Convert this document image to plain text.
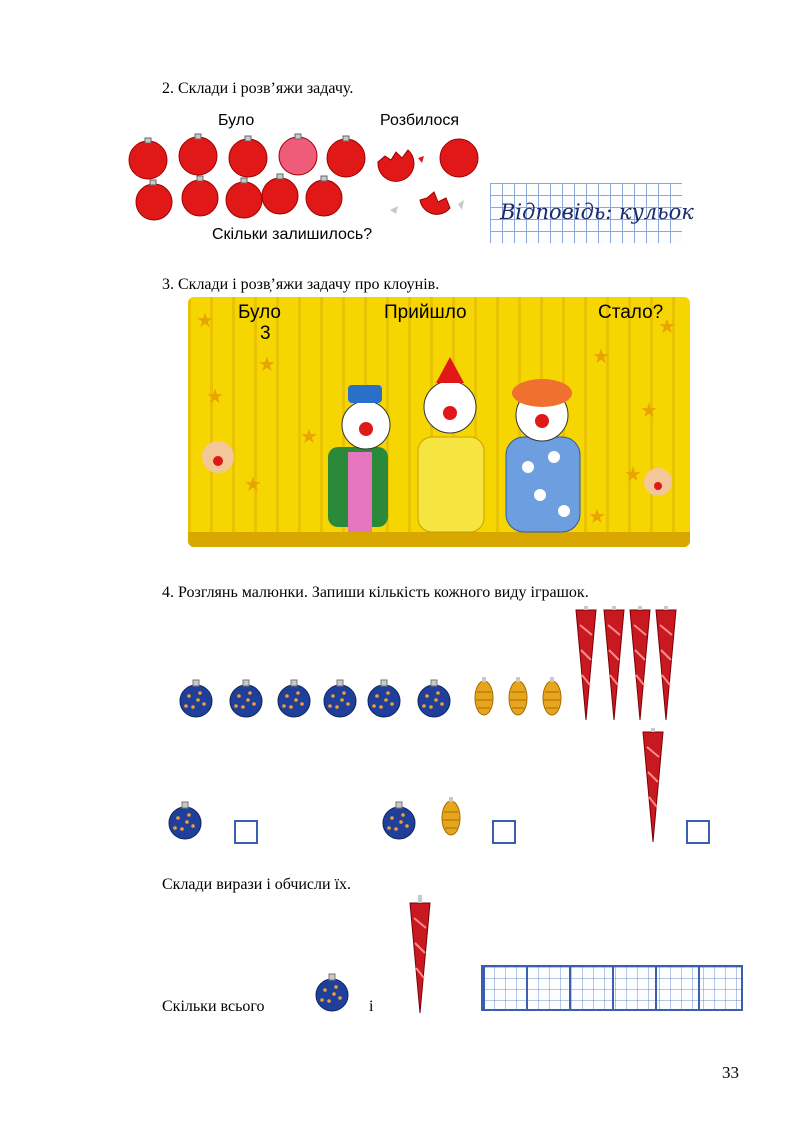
2. Склади і розв’яжи задачу.
Було	Розбилося
Скільки залишилось?
Відповідь: кульок
3. Склади і розв̦’яжи задачу про клоунів.
★
★
★
★
★
★
★
★
★
★
Було
3
Прийшло	Стало?
4. Розглянь малюнки. Запиши кількість кожного виду іграшок.
Склади вирази і обчисли їх.
Скільки всього	і
33
